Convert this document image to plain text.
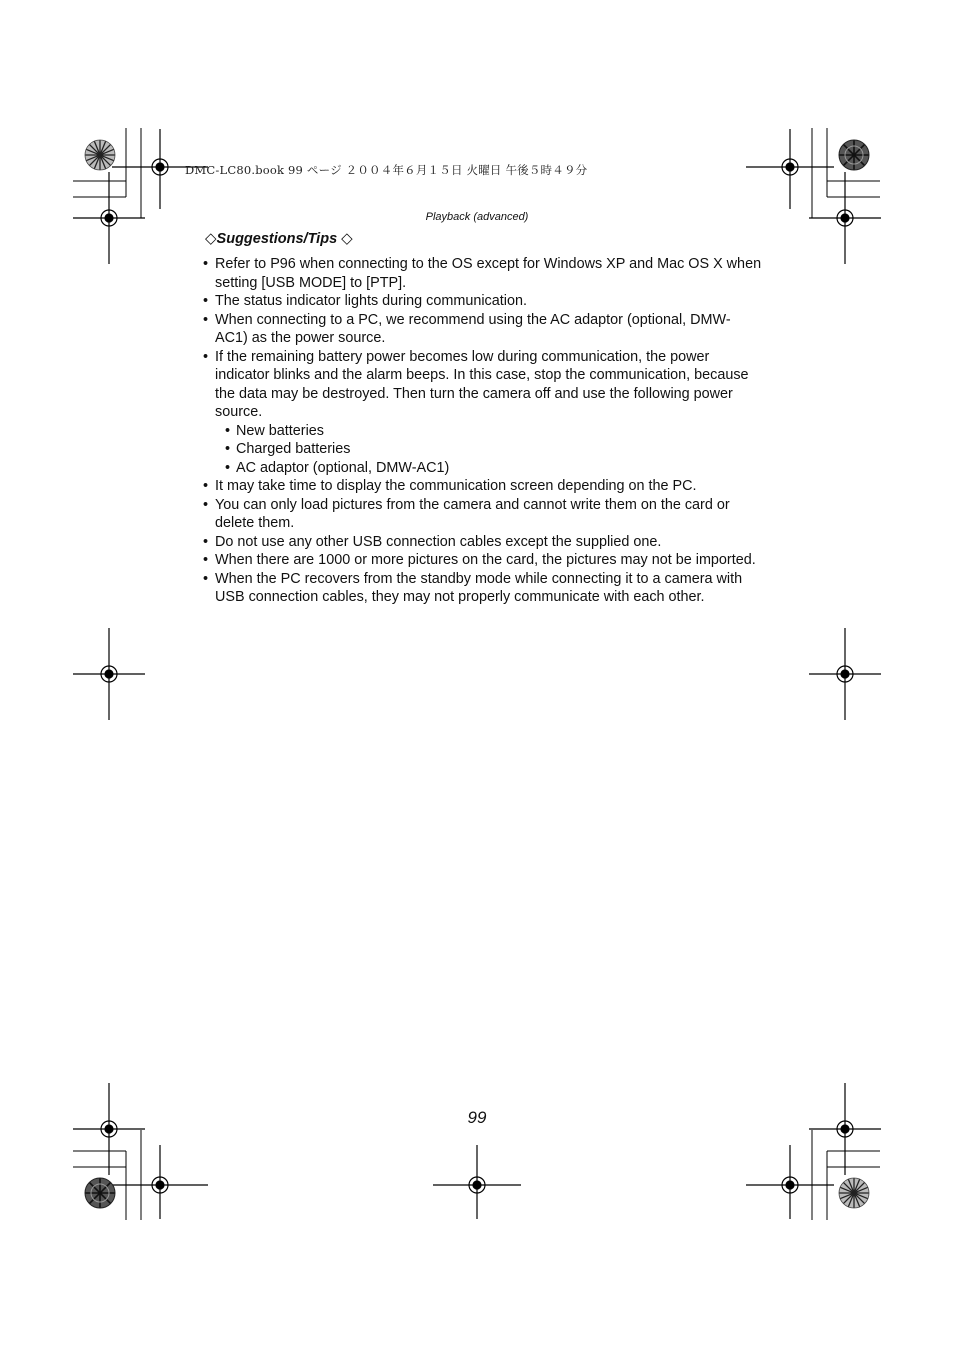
DMC-LC80.book 99 ページ ２００４年６月１５日 火曜日 午後５時４９分
Playback (advanced)
◇Suggestions/Tips ◇
• Refer to P96 when connecting to the OS except for Windows XP and Mac OS X when setting [USB MODE] to [PTP].
• The status indicator lights during communication.
• When connecting to a PC, we recommend using the AC adaptor (optional, DMW-AC1) as the power source.
• If the remaining battery power becomes low during communication, the power indicator blinks and the alarm beeps. In this case, stop the communication, because the data may be destroyed. Then turn the camera off and use the following power source.
• New batteries
• Charged batteries
• AC adaptor (optional, DMW-AC1)
• It may take time to display the communication screen depending on the PC.
• You can only load pictures from the camera and cannot write them on the card or delete them.
• Do not use any other USB connection cables except the supplied one.
• When there are 1000 or more pictures on the card, the pictures may not be imported.
• When the PC recovers from the standby mode while connecting it to a camera with USB connection cables, they may not properly communicate with each other.
99
